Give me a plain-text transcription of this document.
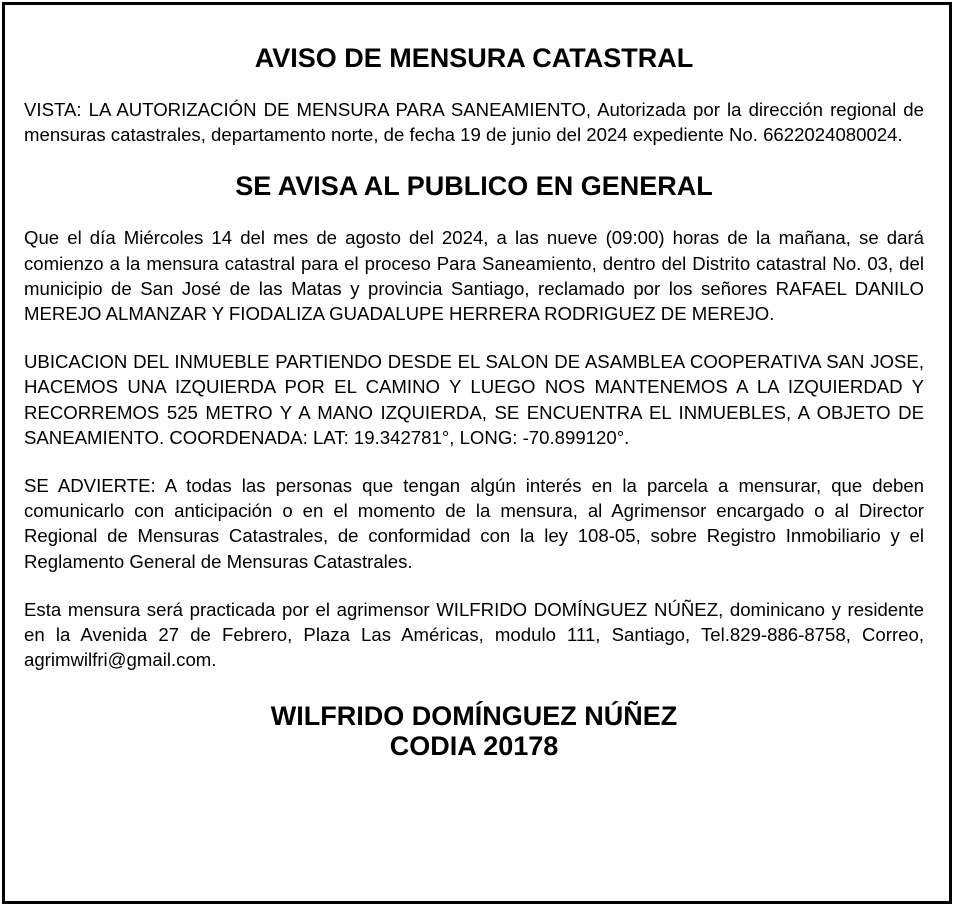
AVISO DE MENSURA CATASTRAL

VISTA: LA AUTORIZACIÓN DE MENSURA PARA SANEAMIENTO, Autorizada por la dirección regional de mensuras catastrales, departamento norte, de fecha 19 de junio del 2024 expediente No. 6622024080024.

SE AVISA AL PUBLICO EN GENERAL

Que el día Miércoles 14 del mes de agosto del 2024, a las nueve (09:00) horas de la mañana, se dará comienzo a la mensura catastral para el proceso Para Saneamiento, dentro del Distrito catastral No. 03, del municipio de San José de las Matas y provincia Santiago, reclamado por los señores RAFAEL DANILO MEREJO ALMANZAR Y FIODALIZA GUADALUPE HERRERA RODRIGUEZ DE MEREJO.

UBICACION DEL INMUEBLE PARTIENDO DESDE EL SALON DE ASAMBLEA COOPERATIVA SAN JOSE, HACEMOS UNA IZQUIERDA POR EL CAMINO Y LUEGO NOS MANTENEMOS A LA IZQUIERDAD Y RECORREMOS 525 METRO Y A MANO IZQUIERDA, SE ENCUENTRA EL INMUEBLES, A OBJETO DE SANEAMIENTO. COORDENADA: LAT: 19.342781°, LONG: -70.899120°.

SE ADVIERTE: A todas las personas que tengan algún interés en la parcela a mensurar, que deben comunicarlo con anticipación o en el momento de la mensura, al Agrimensor encargado o al Director Regional de Mensuras Catastrales, de conformidad con la ley 108-05, sobre Registro Inmobiliario y el Reglamento General de Mensuras Catastrales.

Esta mensura será practicada por el agrimensor WILFRIDO DOMÍNGUEZ NÚÑEZ, dominicano y residente en la Avenida 27 de Febrero, Plaza Las Américas, modulo 111, Santiago, Tel.829-886-8758, Correo, agrimwilfri@gmail.com.

WILFRIDO DOMÍNGUEZ NÚÑEZ
CODIA 20178
